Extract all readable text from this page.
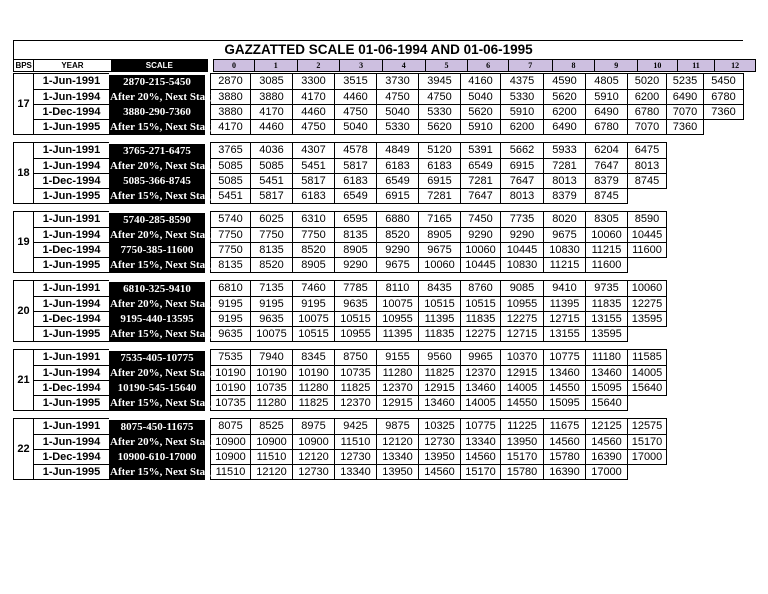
GAZZATTED SCALE 01-06-1994 AND 01-06-1995
BPS	YEAR	SCALE		0	1	2	3	4	5	6	7	8	9	10	11	12
17	1-Jun-1991	2870-215-5450		2870	3085	3300	3515	3730	3945	4160	4375	4590	4805	5020	5235	5450
	1-Jun-1994	After 20%, Next Stage		3880	3880	4170	4460	4750	4750	5040	5330	5620	5910	6200	6490	6780
	1-Dec-1994	3880-290-7360		3880	4170	4460	4750	5040	5330	5620	5910	6200	6490	6780	7070	7360
	1-Jun-1995	After 15%, Next Stage		4170	4460	4750	5040	5330	5620	5910	6200	6490	6780	7070	7360	
18	1-Jun-1991	3765-271-6475		3765	4036	4307	4578	4849	5120	5391	5662	5933	6204	6475		
	1-Jun-1994	After 20%, Next Stage		5085	5085	5451	5817	6183	6183	6549	6915	7281	7647	8013		
	1-Dec-1994	5085-366-8745		5085	5451	5817	6183	6549	6915	7281	7647	8013	8379	8745		
	1-Jun-1995	After 15%, Next Stage		5451	5817	6183	6549	6915	7281	7647	8013	8379	8745			
19	1-Jun-1991	5740-285-8590		5740	6025	6310	6595	6880	7165	7450	7735	8020	8305	8590		
	1-Jun-1994	After 20%, Next Stage		7750	7750	7750	8135	8520	8905	9290	9290	9675	10060	10445		
	1-Dec-1994	7750-385-11600		7750	8135	8520	8905	9290	9675	10060	10445	10830	11215	11600		
	1-Jun-1995	After 15%, Next Stage		8135	8520	8905	9290	9675	10060	10445	10830	11215	11600			
20	1-Jun-1991	6810-325-9410		6810	7135	7460	7785	8110	8435	8760	9085	9410	9735	10060		
	1-Jun-1994	After 20%, Next Stage		9195	9195	9195	9635	10075	10515	10515	10955	11395	11835	12275		
	1-Dec-1994	9195-440-13595		9195	9635	10075	10515	10955	11395	11835	12275	12715	13155	13595		
	1-Jun-1995	After 15%, Next Stage		9635	10075	10515	10955	11395	11835	12275	12715	13155	13595			
21	1-Jun-1991	7535-405-10775		7535	7940	8345	8750	9155	9560	9965	10370	10775	11180	11585		
	1-Jun-1994	After 20%, Next Stage		10190	10190	10190	10735	11280	11825	12370	12915	13460	13460	14005		
	1-Dec-1994	10190-545-15640		10190	10735	11280	11825	12370	12915	13460	14005	14550	15095	15640		
	1-Jun-1995	After 15%, Next Stage		10735	11280	11825	12370	12915	13460	14005	14550	15095	15640			
22	1-Jun-1991	8075-450-11675		8075	8525	8975	9425	9875	10325	10775	11225	11675	12125	12575		
	1-Jun-1994	After 20%, Next Stage		10900	10900	10900	11510	12120	12730	13340	13950	14560	14560	15170		
	1-Dec-1994	10900-610-17000		10900	11510	12120	12730	13340	13950	14560	15170	15780	16390	17000		
	1-Jun-1995	After 15%, Next Stage		11510	12120	12730	13340	13950	14560	15170	15780	16390	17000			
